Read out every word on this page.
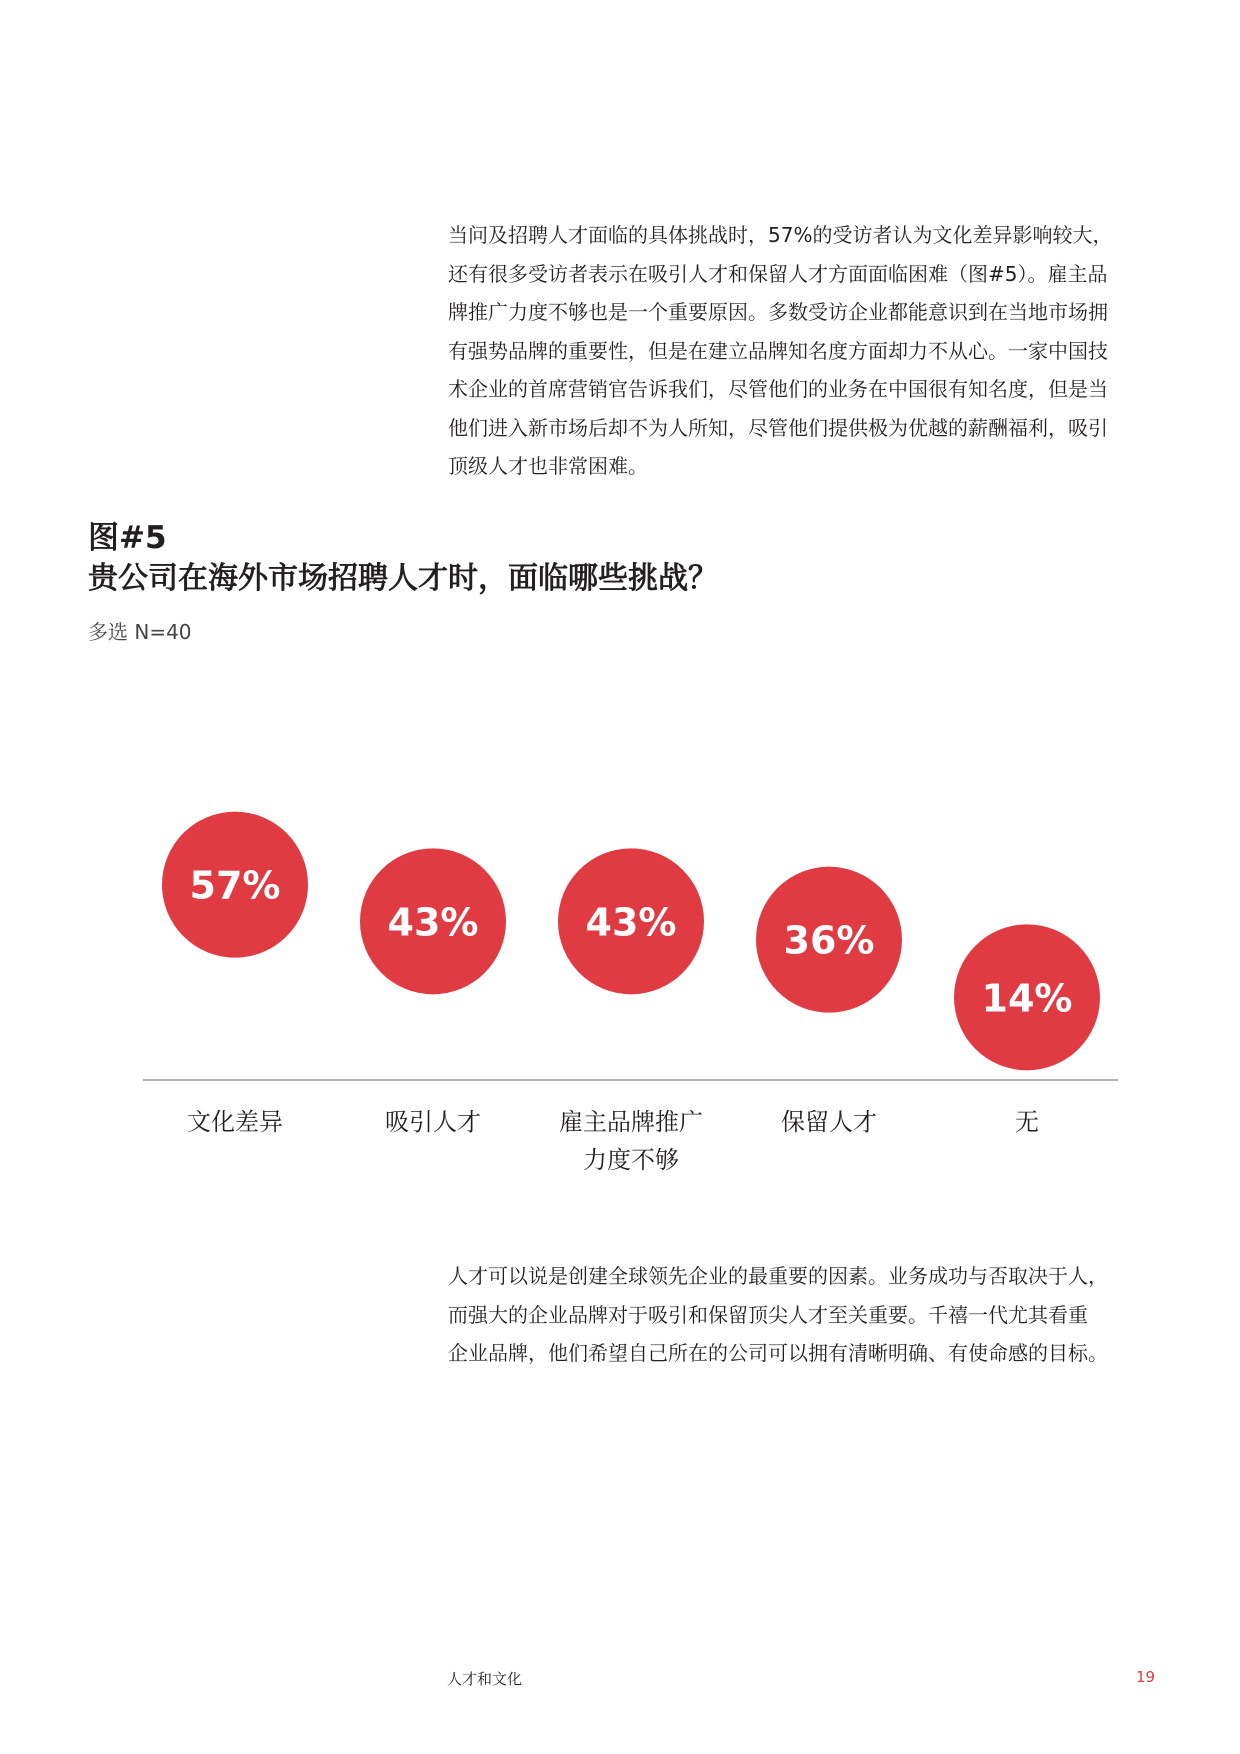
当问及招聘人才面临的具体挑战时，57%的受访者认为文化差异影响较大，
还有很多受访者表示在吸引人才和保留人才方面面临困难（图#5）。雇主品
牌推广力度不够也是一个重要原因。多数受访企业都能意识到在当地市场拥
有强势品牌的重要性，但是在建立品牌知名度方面却力不从心。一家中国技
术企业的首席营销官告诉我们，尽管他们的业务在中国很有知名度，但是当
他们进入新市场后却不为人所知，尽管他们提供极为优越的薪酬福利，吸引
顶级人才也非常困难。
图#5
贵公司在海外市场招聘人才时，面临哪些挑战？
多选 N=40
57%
43%	43%	36%
14%
文化差异	吸引人才	雇主品牌推广
力度不够
保留人才	无
人才和文化	19
人才可以说是创建全球领先企业的最重要的因素。业务成功与否取决于人，
而强大的企业品牌对于吸引和保留顶尖人才至关重要。千禧一代尤其看重
企业品牌，他们希望自己所在的公司可以拥有清晰明确、有使命感的目标。
